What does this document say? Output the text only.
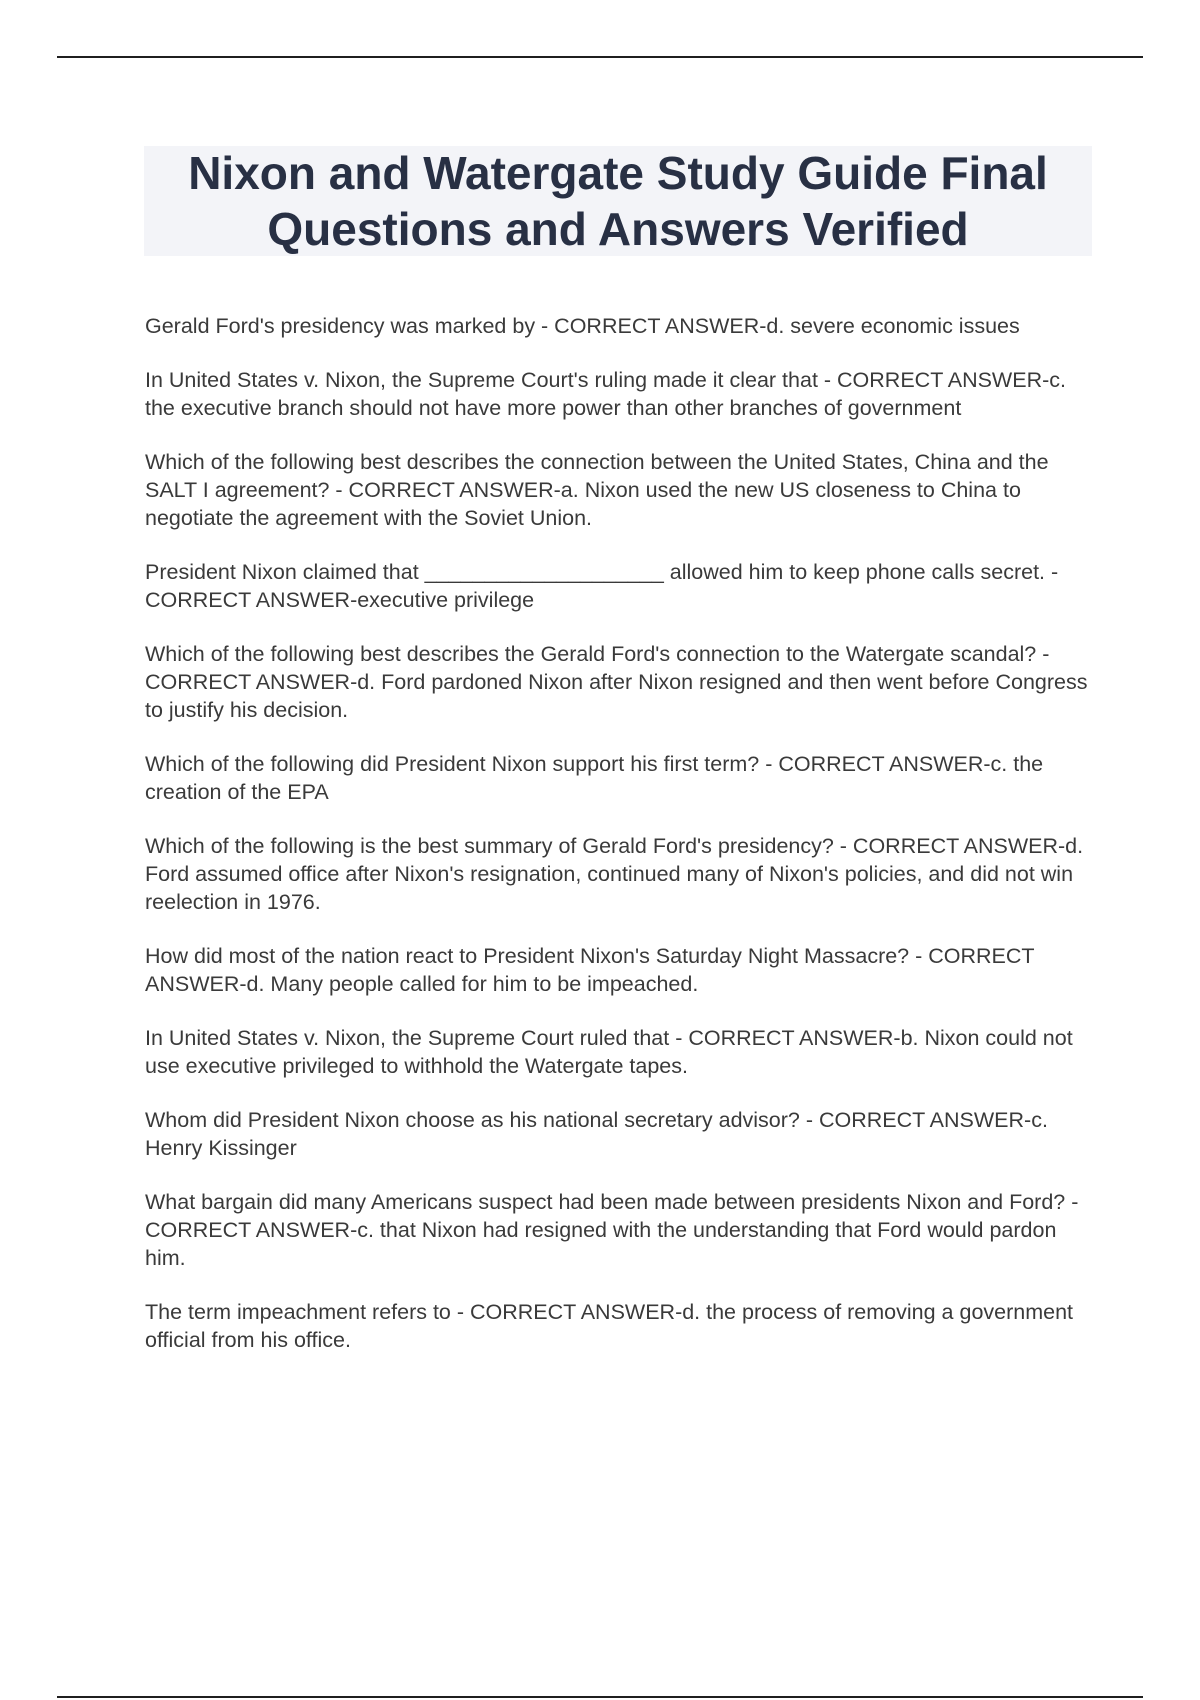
Nixon and Watergate Study Guide Final Questions and Answers Verified

Gerald Ford's presidency was marked by - CORRECT ANSWER-d. severe economic issues

In United States v. Nixon, the Supreme Court's ruling made it clear that - CORRECT ANSWER-c. the executive branch should not have more power than other branches of government

Which of the following best describes the connection between the United States, China and the SALT I agreement? - CORRECT ANSWER-a. Nixon used the new US closeness to China to negotiate the agreement with the Soviet Union.

President Nixon claimed that ____________________ allowed him to keep phone calls secret. - CORRECT ANSWER-executive privilege

Which of the following best describes the Gerald Ford's connection to the Watergate scandal? - CORRECT ANSWER-d. Ford pardoned Nixon after Nixon resigned and then went before Congress to justify his decision.

Which of the following did President Nixon support his first term? - CORRECT ANSWER-c. the creation of the EPA

Which of the following is the best summary of Gerald Ford's presidency? - CORRECT ANSWER-d. Ford assumed office after Nixon's resignation, continued many of Nixon's policies, and did not win reelection in 1976.

How did most of the nation react to President Nixon's Saturday Night Massacre? - CORRECT ANSWER-d. Many people called for him to be impeached.

In United States v. Nixon, the Supreme Court ruled that - CORRECT ANSWER-b. Nixon could not use executive privileged to withhold the Watergate tapes.

Whom did President Nixon choose as his national secretary advisor? - CORRECT ANSWER-c. Henry Kissinger

What bargain did many Americans suspect had been made between presidents Nixon and Ford? - CORRECT ANSWER-c. that Nixon had resigned with the understanding that Ford would pardon him.

The term impeachment refers to - CORRECT ANSWER-d. the process of removing a government official from his office.
